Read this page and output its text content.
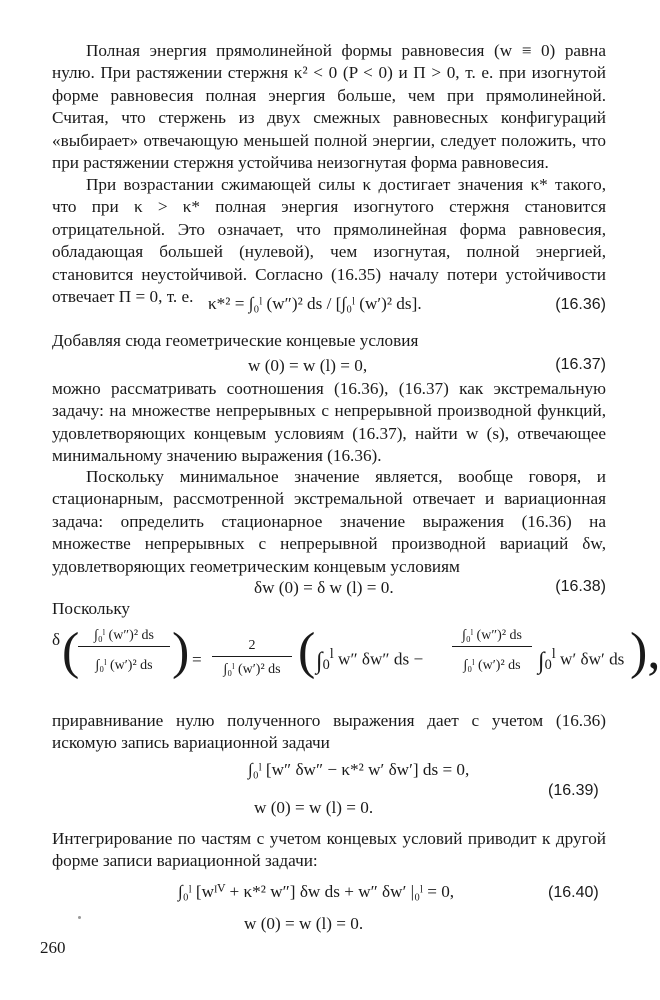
Полная энергия прямолинейной формы равновесия (w ≡ 0) равна нулю. При растяжении стержня κ² < 0 (P < 0) и Π > 0, т. е. при изогнутой форме равновесия полная энергия больше, чем при прямолинейной. Считая, что стержень из двух смежных равновесных конфигураций «выбирает» отвечающую меньшей полной энергии, следует положить, что при растяжении стержня устойчива неизогнутая форма равновесия.

При возрастании сжимающей силы κ достигает значения κ* такого, что при κ > κ* полная энергия изогнутого стержня становится отрицательной. Это означает, что прямолинейная форма равновесия, обладающая большей (нулевой), чем изогнутая, полной энергией, становится неустойчивой. Согласно (16.35) началу потери устойчивости отвечает Π = 0, т. е. κ*² = ∫₀ˡ (w″)² ds / [∫₀ˡ (w′)² ds].	(16.36)

Добавляя сюда геометрические концевые условия

w (0) = w (l) = 0,	(16.37)

можно рассматривать соотношения (16.36), (16.37) как экстремальную задачу: на множестве непрерывных с непрерывной производной функций, удовлетворяющих концевым условиям (16.37), найти w (s), отвечающее минимальному значению выражения (16.36).

Поскольку минимальное значение является, вообще говоря, и стационарным, рассмотренной экстремальной отвечает и вариационная задача: определить стационарное значение выражения (16.36) на множестве непрерывных с непрерывной производной вариаций δw, удовлетворяющих геометрическим концевым условиям

δw (0) = δ w (l) = 0.	(16.38)

Поскольку

δ (	∫₀ˡ (w″)² ds
∫₀ˡ (w′)² ds ) =
2
∫₀ˡ (w′)² ds ( $\int_0^l$ w″ δw″ ds −
∫₀ˡ (w″)² ds
∫₀ˡ (w′)² ds $\int_0^l$ w′ δw′ ds ),

приравнивание нулю полученного выражения дает с учетом (16.36) искомую запись вариационной задачи

∫₀ˡ [w″ δw″ − κ*² w′ δw′] ds = 0,
w (0) = w (l) = 0.
(16.39)

Интегрирование по частям с учетом концевых условий приводит к другой форме записи вариационной задачи:

∫₀ˡ [wᴵⱽ + κ*² w″] δw ds + w″ δw′ |₀ˡ = 0,	(16.40)
w (0) = w (l) = 0.
260
